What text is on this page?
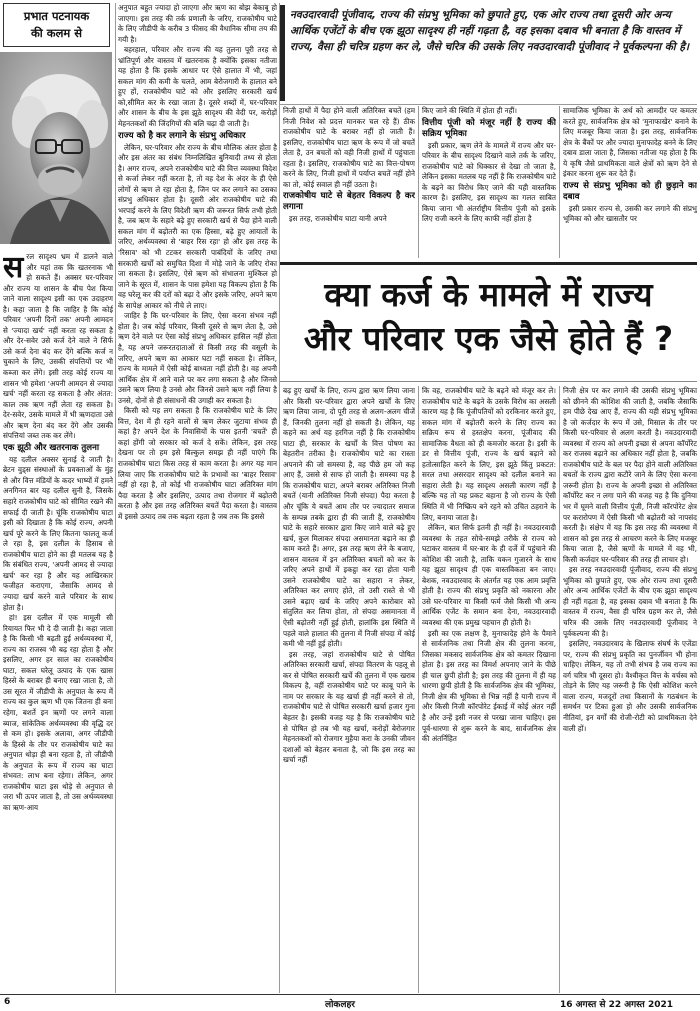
प्रभात पटनायक
की कलम से
सरल सादृश्य भ्रम में डालने वाले और यहां तक कि खतरनाक भी हो सकते हैं। अक्सर घर-परिवार और राज्य या शासन के बीच पेश किया जाने वाला सादृश्य इसी का एक उदाहरण है। कहा जाता है कि जाहिर है कि कोई परिवार 'अपनी दिनों तक' अपनी आमदन से 'ज्यादा खर्च' नहीं करता रह सकता है और देर-सवेर उसे कर्ज देने वाले ने सिर्फ उसे कर्ज देना बंद कर देंगे बल्कि कर्ज न चुकाने के लिए, उसकी संपत्तियों पर भी कब्जा कर लेंगे। इसी तरह कोई राज्य या शासन भी हमेशा 'अपनी आमदन से ज्यादा खर्च' नहीं करता रह सकता है और अंतत: काल तक ऋण नहीं लेता रह सकता है। देर-सवेर, उसके मामले में भी ऋणदाता उसे और ऋण देना बंद कर देंगे और उसकी संपत्तियां जब्त तक कर लेंगे।
एक झूठी और खतरनाक तुलना
यह दलील अक्सर सुनाई दे जाती है। ब्रेटन वुड्स संस्थाओं के प्रवक्ताओं के मुंह से और वित्त मंडियों के कदर भाष्यों में हमने अनगिनत बार यह दलील सुनी है, जिसके सहारे राजकोषीय घाटे को सीमित रखने की सफाई दी जाती है। चूंकि राजकोषीय घाटा इसी को दिखाता है कि कोई राज्य, अपनी खर्च पूरे करने के लिए कितना फालतू कर्ज ले रहा है, इस दलील के हिसाब से राजकोषीय घाटा होने का ही मतलब यह है कि संबंधित राज्य, 'अपनी आमद से ज्यादा खर्च' कर रहा है और यह आखिरकार फजीहत कराएगा, जैसाकि आमद से ज्यादा खर्च करने वाले परिवार के साथ होता है।
हां! इस दलील में एक मामूली सी रियायत फिर भी दे दी जाती है। कहा जाता है कि किसी भी बढ़ती हुई अर्थव्यवस्था में, राज्य का राजस्व भी बढ़ रहा होता है और इसलिए, अगर हर साल का राजकोषीय घाटा, सकल घरेलू उत्पाद के एक खास हिस्से के बराबर ही बनाए रखा जाता है, तो उस सूरत में जीडीपी के अनुपात के रूप में राज्य का कुल ऋण भी एक जितना ही बना रहेगा, बशर्ते इन ऋणों पर लगने वाला ब्याज, सांकेतिक अर्थव्यवस्था की वृद्धि दर से कम हो। इसके अलावा, अगर जीडीपी के हिस्से के तौर पर राजकोषीय घाटे का अनुपात थोड़ा ही बना रहता है, तो जीडीपी के अनुपात के रूप में राज्य का घाटा संभवत: लाभ बना रहेगा। लेकिन, अगर राजकोषीय घाटा इस थोड़े से अनुपात से जरा भी ऊपर जाता है, तो उस अर्थव्यवस्था का ऋण-आय
अनुपात बहुत ज्यादा हो जाएगा और ऋण का बोझ बेकाबू हो जाएगा। इस तरह की तर्क प्रणाली के जरिए, राजकोषीय घाटे के लिए जीडीपी के करीब 3 फीसद की वैधानिक सीमा तय की गयी है।
बहरहाल, परिवार और राज्य की यह तुलना पूरी तरह से भ्रांतिपूर्ण और वास्तव में खतरनाक है क्योंकि इसका नतीजा यह होता है कि इसके आधार पर ऐसे हालात में भी, जहां सकल मांग की कमी के चलते, आम बेरोजगारी के हालात बने हुए हों, राजकोषीय घाटे को और इसलिए सरकारी खर्च को,सीमित कर के रखा जाता है। दूसरे शब्दों में, घर-परिवार और शासन के बीच के इस झूठे सादृश्य की वेदी पर, करोड़ों मेहनतकशों की जिंदगियों की बलि चढ़ा दी जाती है।
राज्य को है कर लगाने के संप्रभु अधिकार
लेकिन, घर-परिवार और राज्य के बीच मौलिक अंतर होता है और इस अंतर का संबंध निम्नलिखित बुनियादी तथ्य से होता है। अगर राज्य, अपने राजकोषीय घाटे की वित्त व्यवस्था विदेश से कर्जा लेकर नहीं करता है, तो वह देश के अंदर के ही ऐसे लोगों से ऋण ले रहा होता है, जिन पर कर लगाने का उसका संप्रभु अधिकार होता है। दूसरी ओर राजकोषीय घाटे की भरपाई करने के लिए विदेशी ऋण की जरूरत सिर्फ तभी होती है, जब ऋण के सहारे बढ़े हुए सरकारी खर्च से पैदा होने वाली सकल मांग में बढ़ोतरी का एक हिस्सा, बढ़े हुए आयातों के जरिए, अर्थव्यवस्था से 'बाहर रिस रहा' हो और इस तरह के 'रिसाव' को भी टटकर सरकारी पाबंदियों के जरिए तथा सरकारी खर्चों को समुचित दिशा में मोड़े जाने के जरिए रोका जा सकता है। इसलिए, ऐसे ऋण को संभालना मुश्किल हो जाने के सूरत में, शासन के पास हमेशा यह विकल्प होता है कि वह घरेलू कर की दरों को बढ़ा दे और इसके जरिए, अपने ऋण के सापेक्ष आकार को नीचे ले लाए।
जाहिर है कि घर-परिवार के लिए, ऐसा करना संभव नहीं होता है। जब कोई परिवार, किसी दूसरे से ऋण लेता है, उसे ऋण देने वाले पर ऐसा कोई संप्रभु अधिकार हासिल नहीं होता है, यह अपने जरूरतदाताओं से किसी तरह की वसूली के जरिए, अपने ऋण का आकार घटा नहीं सकता है। लेकिन, राज्य के मामले में ऐसी कोई बाध्यता नहीं होती है। वह अपनी आर्थिक क्षेत्र में आने वाले पर कर लगा सकता है और जिनसे उसने ऋण लिया है उनसे और जिनसे उसने ऋण नहीं लिया है उनसे, दोनों से ही संसाधनों की उगाही कर सकता है।
किसी को यह लग सकता है कि राजकोषीय घाटे के लिए वित्त, देश में ही रहने वालों से ऋण लेकर जुटाया संभव ही कहां है? अपने देश के निवासियों के पास इतनी 'बचतें' ही कहां होंगी जो सरकार को कर्ज दे सकें। लेकिन, इस तरह देखना पर तो हम इसे बिल्कुल समझ ही नहीं पाएंगे कि राजकोषीय घाटा किस तरह से काम करता है। अगर यह मान लिया जाए कि राजकोषीय घाटे के प्रभावों का 'बाहर रिसाव' नहीं हो रहा है, तो कोई भी राजकोषीय घाटा अतिरिक्त मांग पैदा करता है और इसलिए, उत्पाद तथा रोजगार में बढ़ोतरी करता है और इस तरह अतिरिक्त बचतें पैदा करता है। वास्तव में इससे उत्पाद तब तक बढ़ता रहता है जब तक कि इससे
नवउदारवादी पूंजीवाद, राज्य की संप्रभु भूमिका को छुपाते हुए, एक ओर राज्य तथा दूसरी ओर अन्य आर्थिक एजेंटों के बीच एक झूठा सादृश्य ही नहीं गढ़ता है, वह इसका दबाव भी बनाता है कि वास्तव में राज्य, वैसा ही चरित्र ग्रहण कर ले, जैसे चरित्र की उसके लिए नवउदारवादी पूंजीवाद ने पूर्वकल्पना की है।
निजी हाथों में पैदा होने वाली अतिरिक्त बचतें (हम निजी निवेश को प्रदत्त मानकर चल रहे हैं) ठीक राजकोषीय घाटे के बराबर नहीं हो जाती हैं। इसलिए, राजकोषीय घाटा ऋण के रूप में जो बचतें लेता है, उन बचतों को वही निजी हाथों में पहुंचाता रहता है। इसलिए, राजकोषीय घाटे का वित्त-पोषण करने के लिए, निजी हाथों में पर्याप्त बचतें नहीं होने का तो, कोई सवाल ही नहीं उठता है।
राजकोषीय घाटे से बेहतर विकल्प है कर लगाना
इस तरह, राजकोषीय घाटा यानी अपने
किए जाने की स्थिति में होता ही नहीं।
वित्तीय पूंजी को मंजूर नहीं है राज्य की सक्रिय भूमिका
इसी प्रकार, ऋण लेने के मामले में राज्य और घर-परिवार के बीच सादृश्य दिखाने वाले तर्क के जरिए, राजकोषीय घाटे को धिक्कार से देखा तो जाता है, लेकिन इसका मतलब यह नहीं है कि राजकोषीय घाटे के बढ़ने का विरोध किए जाने की यही वास्तविक कारण है। इसलिए, इस सादृश्य का गलत साबित किया जाना भी अंतर्राष्ट्रीय वित्तीय पूंजी को इसके लिए राजी करने के लिए काफी नहीं होता है
सामाजिक भूमिका के अर्थ को आमदीर पर कमतर करते हुए, सार्वजनिक क्षेत्र को 'मुनाफाखेर' बनाने के लिए मजबूर किया जाता है। इस तरह, सार्वजनिक क्षेत्र के बैंकों पर और ज्यादा मुनाफादेह बनने के लिए दबाव डाला जाता है, जिसका नतीजा यह होता है कि ये कृषि जैसे प्राथमिकता वाले क्षेत्रों को ऋण देने से इंकार करना शुरू कर देते हैं।
राज्य से संप्रभु भूमिका को ही छुड़ाने का दबाव
इसी प्रकार राज्य से, उसकी कर लगाने की संप्रभु भूमिका को और खासतौर पर
क्या कर्ज के मामले में राज्य
और परिवार एक जैसे होते हैं ?
बढ़ हुए खर्चों के लिए, राज्य द्वारा ऋण लिया जाना और किसी घर-परिवार द्वारा अपने खर्चों के लिए ऋण लिया जाना, दो पूरी तरह से अलग-अलग चीजें हैं, जिनकी तुलना नहीं हो सकती है। लेकिन, यह कहने का अर्थ यह हरगिज नहीं है कि राजकोषीय घाटा ही, सरकार के खर्चों के वित्त पोषण का बेहतरीन तरीका है। राजकोषीय घाटे का रास्ता अपनाने की जो समस्या है, वह पीछे हम जो कह आए हैं, उससे से साफ हो जाती है। समस्या यह है कि राजकोषीय घाटा, अपने बराबर अतिरिक्त निजी बचतें (यानी अतिरिक्त निजी संपदा) पैदा करता है और चूंकि ये बचतें आम तौर पर ज्यादातर समाज के सम्पन्न तबके द्वारा ही की जाती हैं, राजकोषीय घाटे के सहारे सरकार द्वारा किए जाने वाले बढ़े हुए खर्च, कुल मिलाकर संपदा असमानता बढ़ाने का ही काम करते हैं। अगर, इस तरह ऋण लेने के बजाए, शासन वास्तव में इन अतिरिक्त बचतों को कर के जरिए अपने हाथों में इकट्ठा कर रहा होता यानी उसने राजकोषीय घाटे का सहारा न लेकर, अतिरिक्त कर लगाए होते, तो उसी रास्ते से भी उसने बढ़ाए खर्च के जरिए अपने कारोबार को संतुलित कर लिया होता, तो संपदा असमानता में ऐसी बढ़ोतरी नहीं हुई होती, हालांकि इस स्थिति में पहले वाले हालात की तुलना में निजी संपदा में कोई कमी भी नहीं हुई होती।
इस तरह, जहां राजकोषीय घाटे से पोषित अतिरिक्त सरकारी खर्चा, संपदा वितरण के पहलू से कर से पोषित सरकारी खर्चे की तुलना में एक खराब विकल्प है, वहीं राजकोषीय घाटे पर काबू पाने के नाम पर सरकार के यह खर्चा ही नहीं करने से तो, राजकोषीय घाटे से पोषित सरकारी खर्चा हजार गुना बेहतर है। इसकी वजह यह है कि राजकोषीय घाटे से पोषित हो तब भी यह खर्चा, करोड़ों बेरोजगार मेहनतकशों को रोजगार मुहैया करा के उनकी जीवन दशाओं को बेहतर बनाता है, जो कि इस तरह का खर्चा नहीं
कि वह, राजकोषीय घाटे के बढ़ने को मंजूर कर ले। राजकोषीय घाटे के बढ़ने के उसके विरोध का असली कारण यह है कि पूंजीपतियों को दरकिनार करते हुए, सकल मांग में बढ़ोतरी करने के लिए राज्य का सक्रिय रूप से हस्तक्षेप करना, पूंजीवाद की सामाजिक वैधता को ही कमजोर करता है। इसी के डर से वित्तीय पूंजी, राज्य के खर्च बढ़ाने को हतोत्साहित करने के लिए, इस झूठे किंतु प्रकटत: सरल तथा असरदार सादृश्य को दलील बनाने का सहारा लेती है। यह सादृश्य असली कारण नहीं है बल्कि यह तो यह प्रकट बहाना है जो राज्य के ऐसी स्थिति में भी निष्क्रिय बने रहने को उचित ठहराने के लिए, बनाया जाता है।
लेकिन, बात सिर्फ इतनी ही नहीं है। नवउदारवादी व्यवस्था के तहत सोचे-समझे तरीके से राज्य को घटाकर वास्तव में घर-बार के ही दर्जे में पहुंचाने की कोशिश की जाती है, ताकि यकन गुजारने के साथ यह झूठा सादृश्य ही एक वास्तविकता बन जाए। बेशक, नवउदारवाद के अंतर्गत यह एक आम प्रवृत्ति होती है। राज्य की संप्रभु प्रकृति को नकारना और उसे घर-परिवार या किसी फर्म जैसे किसी भी अन्य आर्थिक एजेंट के समान बना देना, नवउदारवादी व्यवस्था की एक प्रमुख पहचान ही होती है।
इसी का एक लक्षण है, मुनाफादेह होने के पैमाने से सार्वजनिक तथा निजी क्षेत्र की तुलना करना, जिसका मकसद सार्वजनिक क्षेत्र को कमतर दिखाना होता है। इस तरह का विमर्श अपनाए जाने के पीछे ही चाल छुपी होती है; इस तरह की तुलना में ही यह धारणा छुपी होती है कि सार्वजनिक क्षेत्र की भूमिका, निजी क्षेत्र की भूमिका से भिन्न नहीं है यानी राज्य में और किसी निजी कॉरपोरेट ईकाई में कोई अंतर नहीं है और उन्हें इसी नजर से परखा जाना चाहिए। इस पूर्व-धारणा से शुरू करने के बाद, सार्वजनिक क्षेत्र की अंतर्निहित
निजी क्षेत्र पर कर लगाने की उसकी संप्रभु भूमिका को छीनने की कोशिश की जाती है, जबकि जैसाकि हम पीछे देख आए हैं, राज्य की यही संप्रभु भूमिका है जो कर्जदार के रूप में उसे, मिसाल के तौर पर किसी घर-परिवार से अलग करती है। नवउदारवादी व्यवस्था में राज्य को अपनी इच्छा से अपना कॉर्पोरेट कर राजस्व बढ़ाने का अधिकार नहीं होता है, जबकि राजकोषीय घाटे के बल पर पैदा होने वाली अतिरिक्त बचतों के राज्य द्वारा कटौरे जाने के लिए ऐसा करना जरूरी होता है। राज्य के अपनी इच्छा से अतिरिक्त कॉर्पोरेट कर न लगा पाने की वजह यह है कि दुनिया भर में घूमने वाली वित्तीय पूंजी, निजी कॉरपोरेट क्षेत्र पर करारोपण में ऐसी किसी भी बढ़ोतरी को नापसंद करती है। संक्षेप में यह कि इस तरह की व्यवस्था में शासन को इस तरह से आचरण करने के लिए मजबूर किया जाता है, जैसे ऋणों के मामले में वह भी, किसी कर्जदार घर-परिवार की तरह ही लाचार हो।
इस तरह नवउदारवादी पूंजीवाद, राज्य की संप्रभु भूमिका को छुपाते हुए, एक ओर राज्य तथा दूसरी ओर अन्य आर्थिक एजेंटों के बीच एक झूठा सादृश्य ही नहीं गढ़ता है, वह इसका दबाव भी बनाता है कि वास्तव में राज्य, वैसा ही चरित्र ग्रहण कर ले, जैसे चरित्र की उसके लिए नवउदारवादी पूंजीवाद ने पूर्वकल्पना की है।
इसलिए, नवउदारवाद के खिलाफ संघर्ष के एजेंडा पर, राज्य की संप्रभु प्रकृति का पुनर्जीवन भी होना चाहिए। लेकिन, यह तो तभी संभव है जब राज्य का वर्ग चरित्र भी दूसरा हो। वैश्वीकृत वित्त के वर्चस्व को तोड़ने के लिए यह जरूरी है कि ऐसी कोशिश करने वाला राज्य, मजदूरों तथा किसानों के गठबंधन के समर्थन पर टिका हुआ हो और उसकी सार्वजनिक नीतियां, इन वर्गों की रोजी-रोटी को प्राथमिकता देने वाली हों।
6	लोकलहर	16 अगस्त से 22 अगस्त 2021
